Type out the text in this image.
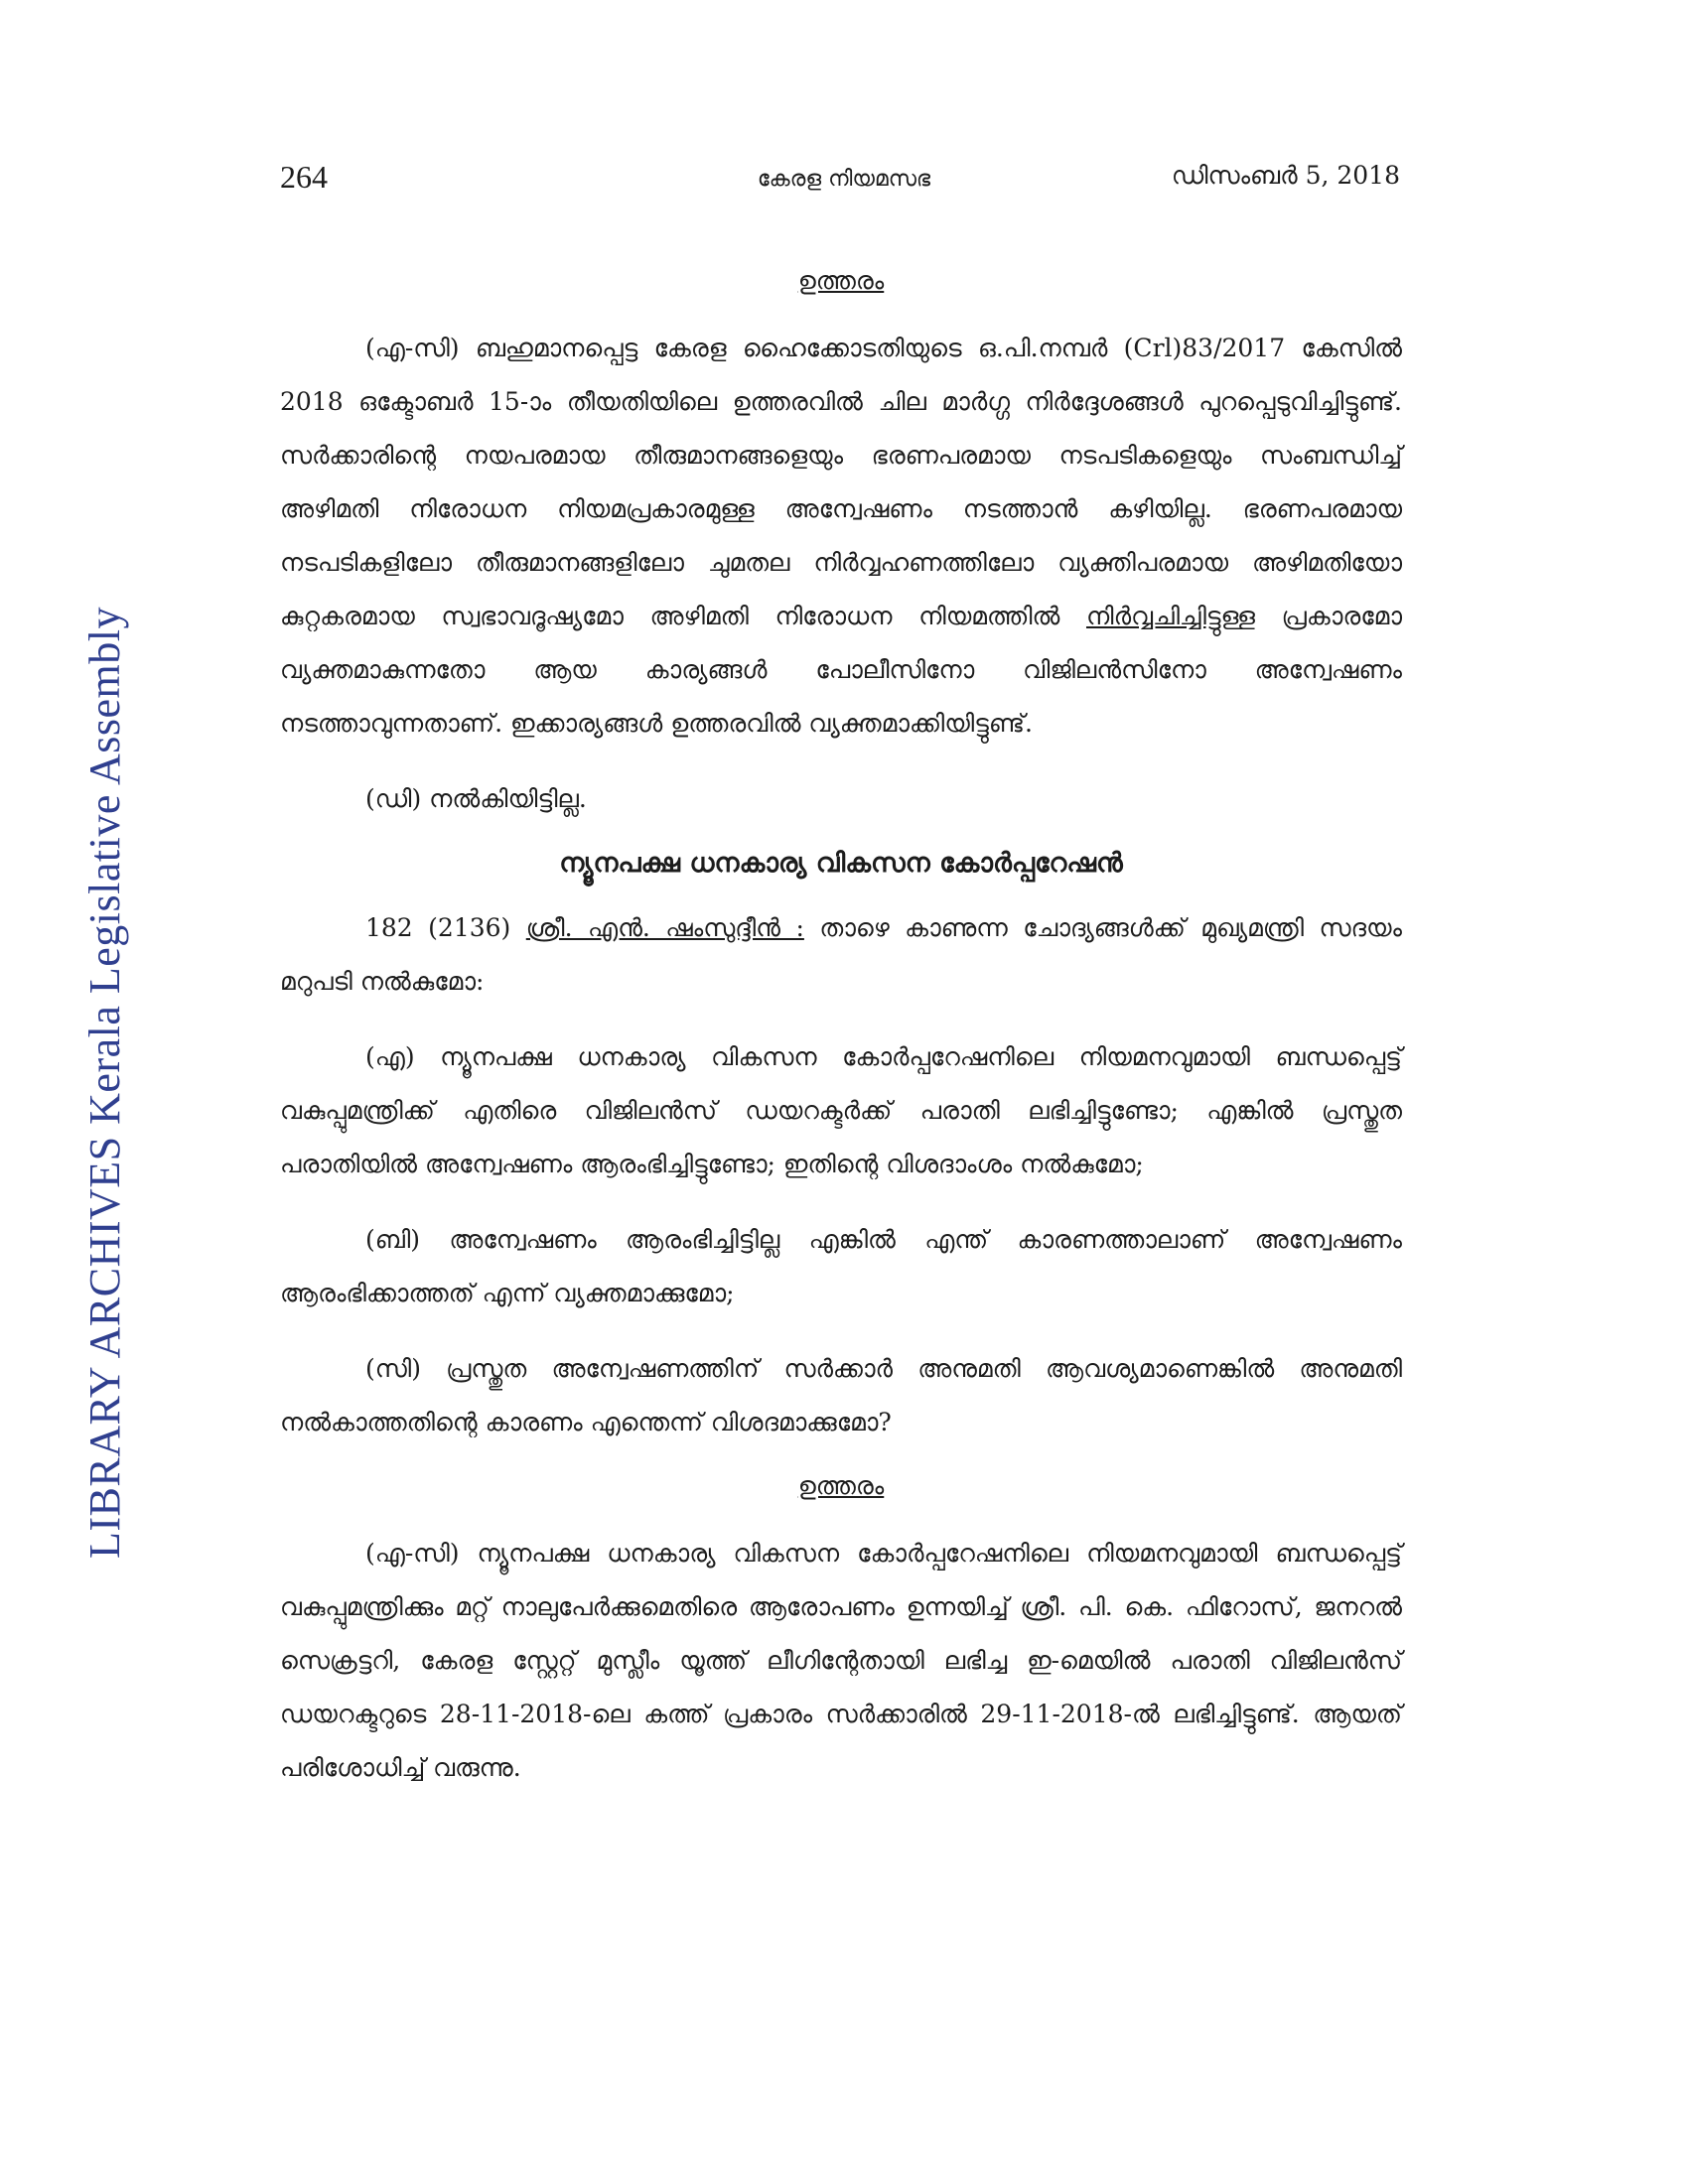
LIBRARY ARCHIVES Kerala Legislative Assembly
264	കേരള നിയമസഭ	ഡിസംബർ 5, 2018
ഉത്തരം

(എ-സി) ബഹുമാനപ്പെട്ട കേരള ഹൈക്കോടതിയുടെ ഒ.പി.നമ്പർ (Crl)83/2017 കേസിൽ 2018 ഒക്ടോബർ 15-ാം തീയതിയിലെ ഉത്തരവിൽ ചില മാർഗ്ഗ നിർദ്ദേശങ്ങൾ പുറപ്പെടുവിച്ചിട്ടുണ്ട്. സർക്കാരിന്റെ നയപരമായ തീരുമാനങ്ങളെയും ഭരണപരമായ നടപടികളെയും സംബന്ധിച്ച് അഴിമതി നിരോധന നിയമപ്രകാരമുള്ള അന്വേഷണം നടത്താൻ കഴിയില്ല. ഭരണപരമായ നടപടികളിലോ തീരുമാനങ്ങളിലോ ചുമതല നിർവ്വഹണത്തിലോ വ്യക്തിപരമായ അഴിമതിയോ കുറ്റകരമായ സ്വഭാവദൂഷ്യമോ അഴിമതി നിരോധന നിയമത്തിൽ നിർവ്വചിച്ചിട്ടുള്ള പ്രകാരമോ വ്യക്തമാകുന്നതോ ആയ കാര്യങ്ങൾ പോലീസിനോ വിജിലൻസിനോ അന്വേഷണം നടത്താവുന്നതാണ്. ഇക്കാര്യങ്ങൾ ഉത്തരവിൽ വ്യക്തമാക്കിയിട്ടുണ്ട്.

(ഡി) നൽകിയിട്ടില്ല.

ന്യൂനപക്ഷ ധനകാര്യ വികസന കോർപ്പറേഷൻ

182 (2136) ശ്രീ. എൻ. ഷംസുദ്ദീൻ : താഴെ കാണുന്ന ചോദ്യങ്ങൾക്ക് മുഖ്യമന്ത്രി സദയം മറുപടി നൽകുമോ:

(എ) ന്യൂനപക്ഷ ധനകാര്യ വികസന കോർപ്പറേഷനിലെ നിയമനവുമായി ബന്ധപ്പെട്ട് വകുപ്പുമന്ത്രിക്ക് എതിരെ വിജിലൻസ് ഡയറക്ടർക്ക് പരാതി ലഭിച്ചിട്ടുണ്ടോ; എങ്കിൽ പ്രസ്തുത പരാതിയിൽ അന്വേഷണം ആരംഭിച്ചിട്ടുണ്ടോ; ഇതിന്റെ വിശദാംശം നൽകുമോ;

(ബി) അന്വേഷണം ആരംഭിച്ചിട്ടില്ല എങ്കിൽ എന്ത് കാരണത്താലാണ് അന്വേഷണം ആരംഭിക്കാത്തത് എന്ന് വ്യക്തമാക്കുമോ;

(സി) പ്രസ്തുത അന്വേഷണത്തിന് സർക്കാർ അനുമതി ആവശ്യമാണെങ്കിൽ അനുമതി നൽകാത്തതിന്റെ കാരണം എന്തെന്ന് വിശദമാക്കുമോ?

ഉത്തരം

(എ-സി) ന്യൂനപക്ഷ ധനകാര്യ വികസന കോർപ്പറേഷനിലെ നിയമനവുമായി ബന്ധപ്പെട്ട് വകുപ്പുമന്ത്രിക്കും മറ്റ് നാലുപേർക്കുമെതിരെ ആരോപണം ഉന്നയിച്ച് ശ്രീ. പി. കെ. ഫിറോസ്, ജനറൽ സെക്രട്ടറി, കേരള സ്റ്റേറ്റ് മുസ്ലീം യൂത്ത് ലീഗിന്റേതായി ലഭിച്ച ഇ-മെയിൽ പരാതി വിജിലൻസ് ഡയറക്ടറുടെ 28-11-2018-ലെ കത്ത് പ്രകാരം സർക്കാരിൽ 29-11-2018-ൽ ലഭിച്ചിട്ടുണ്ട്. ആയത് പരിശോധിച്ച് വരുന്നു.
